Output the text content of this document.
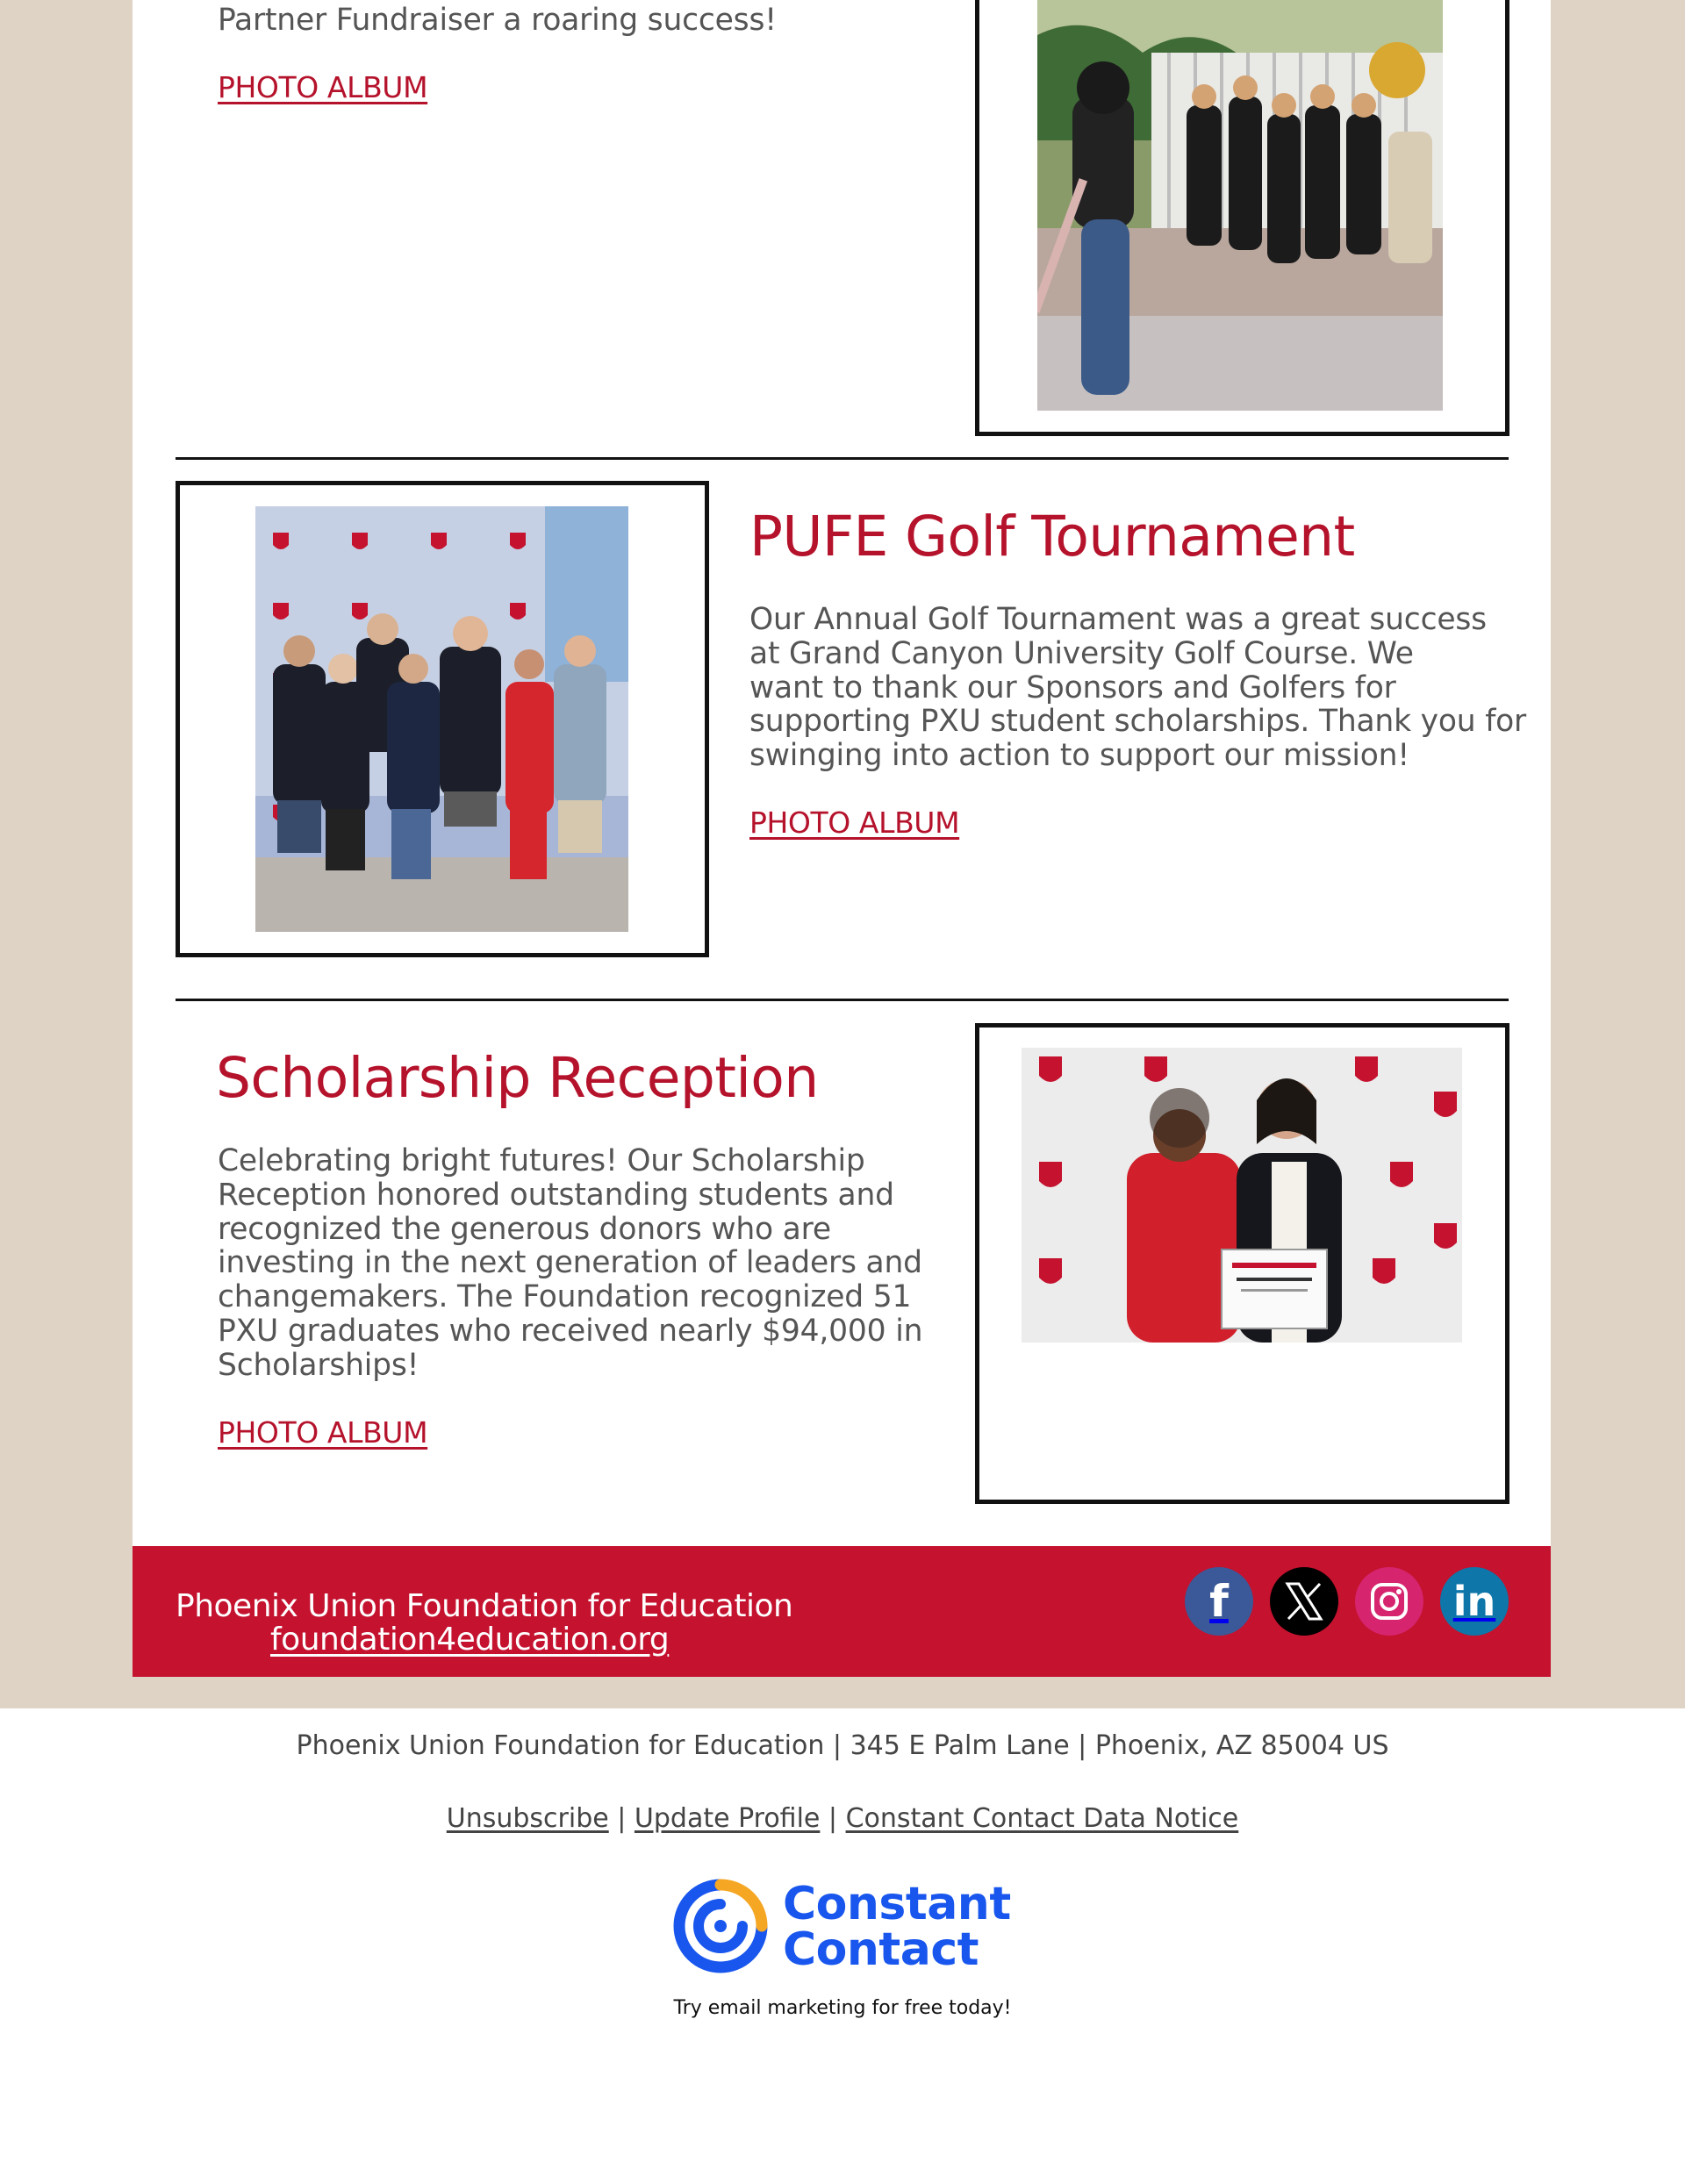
Partner Fundraiser a roaring success!

PHOTO ALBUM
PUFE Golf Tournament

Our Annual Golf Tournament was a great success

at Grand Canyon University Golf Course. We

want to thank our Sponsors and Golfers for

supporting PXU student scholarships. Thank you for

swinging into action to support our mission!

PHOTO ALBUM
Scholarship Reception

Celebrating bright futures! Our Scholarship

Reception honored outstanding students and

recognized the generous donors who are

investing in the next generation of leaders and

changemakers. The Foundation recognized 51

PXU graduates who received nearly $94,000 in

Scholarships!

PHOTO ALBUM
Phoenix Union Foundation for Education
foundation4education.org
f	in
Phoenix Union Foundation for Education | 345 E Palm Lane | Phoenix, AZ 85004 US
Unsubscribe | Update Profile | Constant Contact Data Notice
Constant
Contact
Try email marketing for free today!
